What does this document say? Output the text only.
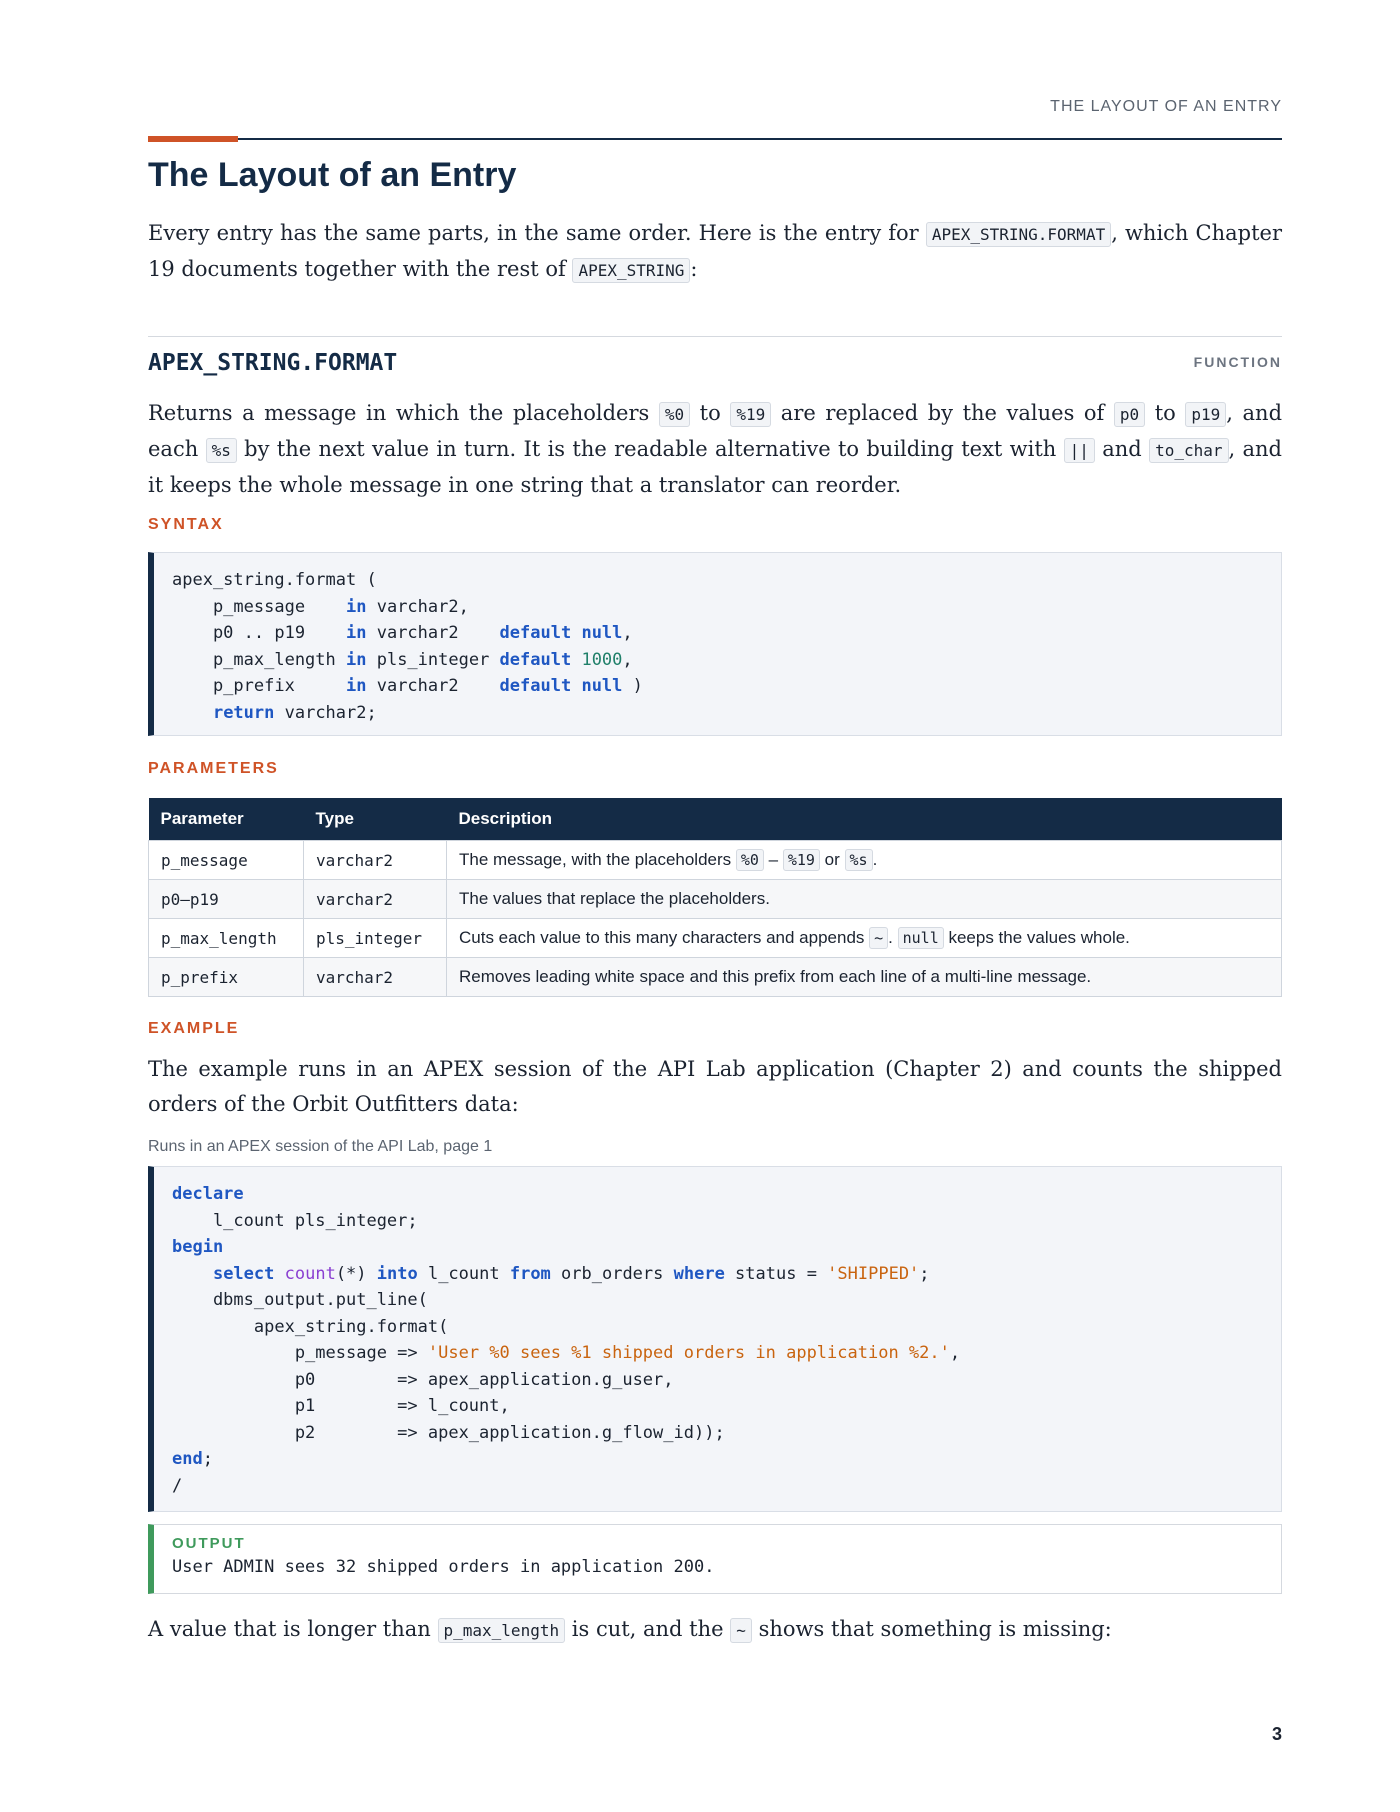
THE LAYOUT OF AN ENTRY
The Layout of an Entry

Every entry has the same parts, in the same order. Here is the entry for APEX_STRING.FORMAT , which Chapter 19 documents together with the rest of APEX_STRING :

APEX_STRING.FORMAT	FUNCTION

Returns a message in which the placeholders %0 to %19 are replaced by the values of p0 to p19 , and each %s by the next value in turn. It is the readable alternative to building text with || and to_char , and it keeps the whole message in one string that a translator can reorder.

SYNTAX
apex_string.format (
p_message    in varchar2,
p0 .. p19    in varchar2    default null,
p_max_length in pls_integer default 1000,
p_prefix     in varchar2    default null )
return varchar2;
PARAMETERS
Parameter	Type	Description
p_message	varchar2	The message, with the placeholders %0 – %19 or %s .
p0–p19	varchar2	The values that replace the placeholders.
p_max_length	pls_integer	Cuts each value to this many characters and appends ~ . null keeps the values whole.
p_prefix	varchar2	Removes leading white space and this prefix from each line of a multi-line message.
EXAMPLE

The example runs in an APEX session of the API Lab application (Chapter 2) and counts the shipped orders of the Orbit Outfitters data:

Runs in an APEX session of the API Lab, page 1
declare
l_count pls_integer;
begin
select count(*) into l_count from orb_orders where status = 'SHIPPED';
dbms_output.put_line(
apex_string.format(
p_message => 'User %0 sees %1 shipped orders in application %2.',
p0        => apex_application.g_user,
p1        => l_count,
p2        => apex_application.g_flow_id));
end;
/
OUTPUT
User ADMIN sees 32 shipped orders in application 200.

A value that is longer than p_max_length is cut, and the ~ shows that something is missing:

3
